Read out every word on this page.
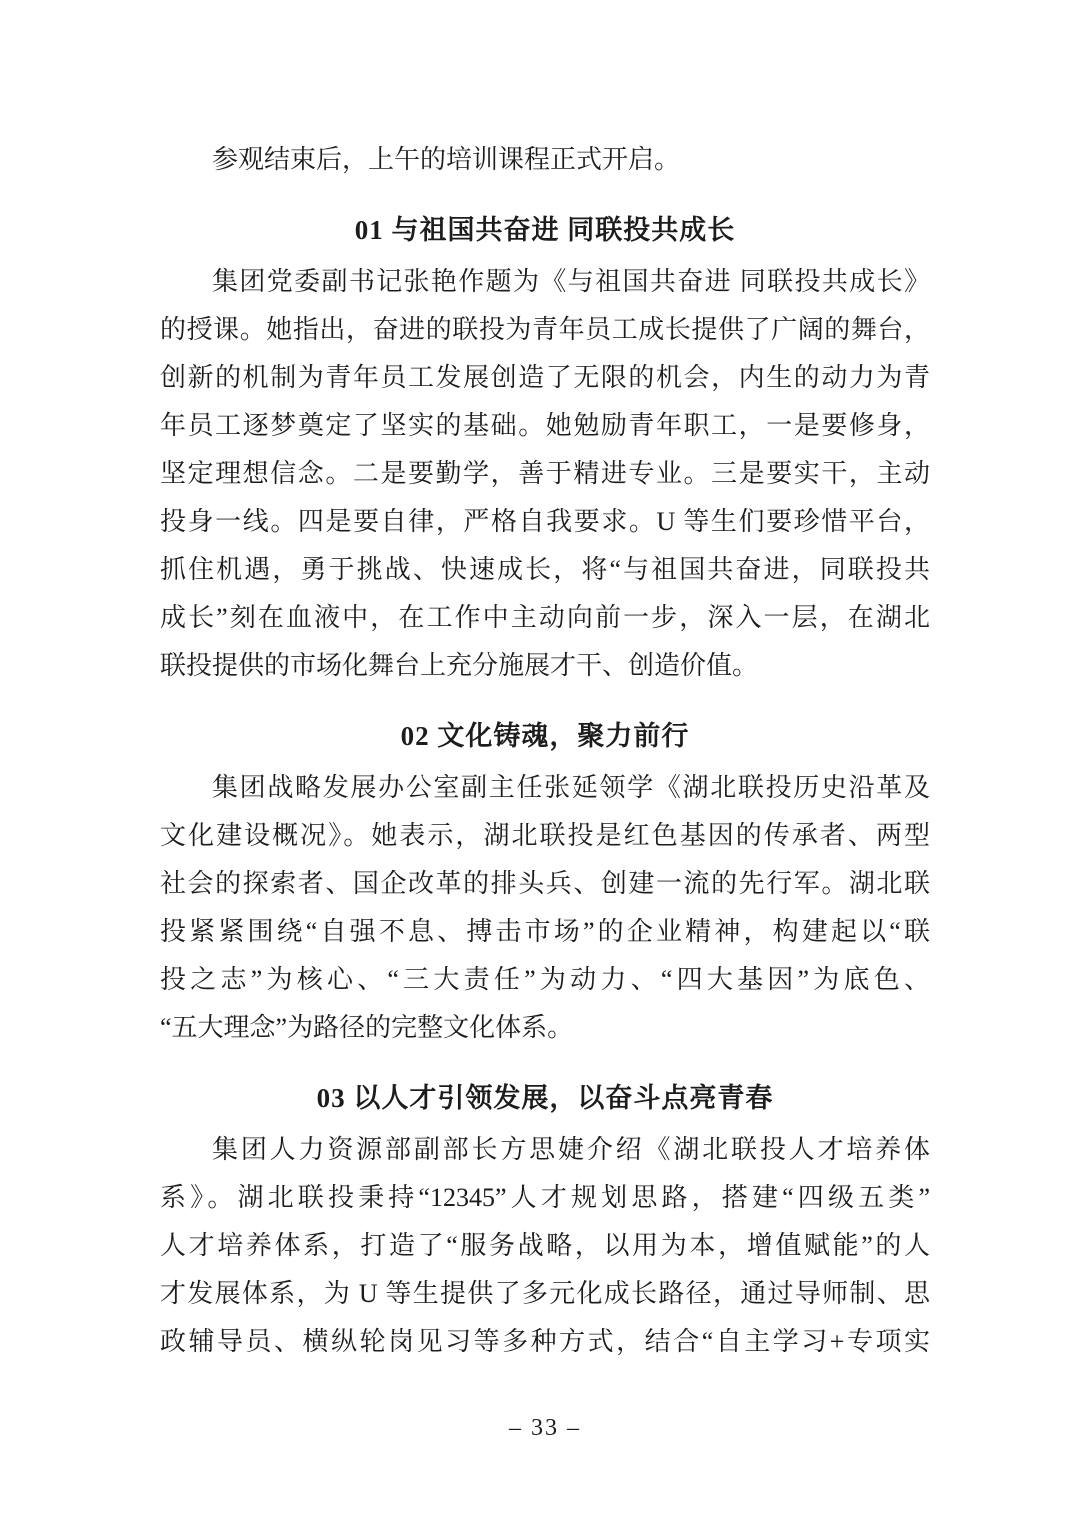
参观结束后，上午的培训课程正式开启。

01 与祖国共奋进 同联投共成长

集团党委副书记张艳作题为《与祖国共奋进 同联投共成长》

的授课。她指出，奋进的联投为青年员工成长提供了广阔的舞台，

创新的机制为青年员工发展创造了无限的机会，内生的动力为青

年员工逐梦奠定了坚实的基础。她勉励青年职工，一是要修身，

坚定理想信念。二是要勤学，善于精进专业。三是要实干，主动

投身一线。四是要自律，严格自我要求。U 等生们要珍惜平台，

抓住机遇，勇于挑战、快速成长，将“与祖国共奋进，同联投共

成长”刻在血液中，在工作中主动向前一步，深入一层，在湖北

联投提供的市场化舞台上充分施展才干、创造价值。

02 文化铸魂，聚力前行

集团战略发展办公室副主任张延领学《湖北联投历史沿革及

文化建设概况》。她表示，湖北联投是红色基因的传承者、两型

社会的探索者、国企改革的排头兵、创建一流的先行军。湖北联

投紧紧围绕“自强不息、搏击市场”的企业精神，构建起以“联

投之志”为核心、“三大责任”为动力、“四大基因”为底色、

“五大理念”为路径的完整文化体系。

03 以人才引领发展，以奋斗点亮青春

集团人力资源部副部长方思婕介绍《湖北联投人才培养体

系》。湖北联投秉持“12345”人才规划思路，搭建“四级五类”

人才培养体系，打造了“服务战略，以用为本，增值赋能”的人

才发展体系，为 U 等生提供了多元化成长路径，通过导师制、思

政辅导员、横纵轮岗见习等多种方式，结合“自主学习+专项实

– 33 –
